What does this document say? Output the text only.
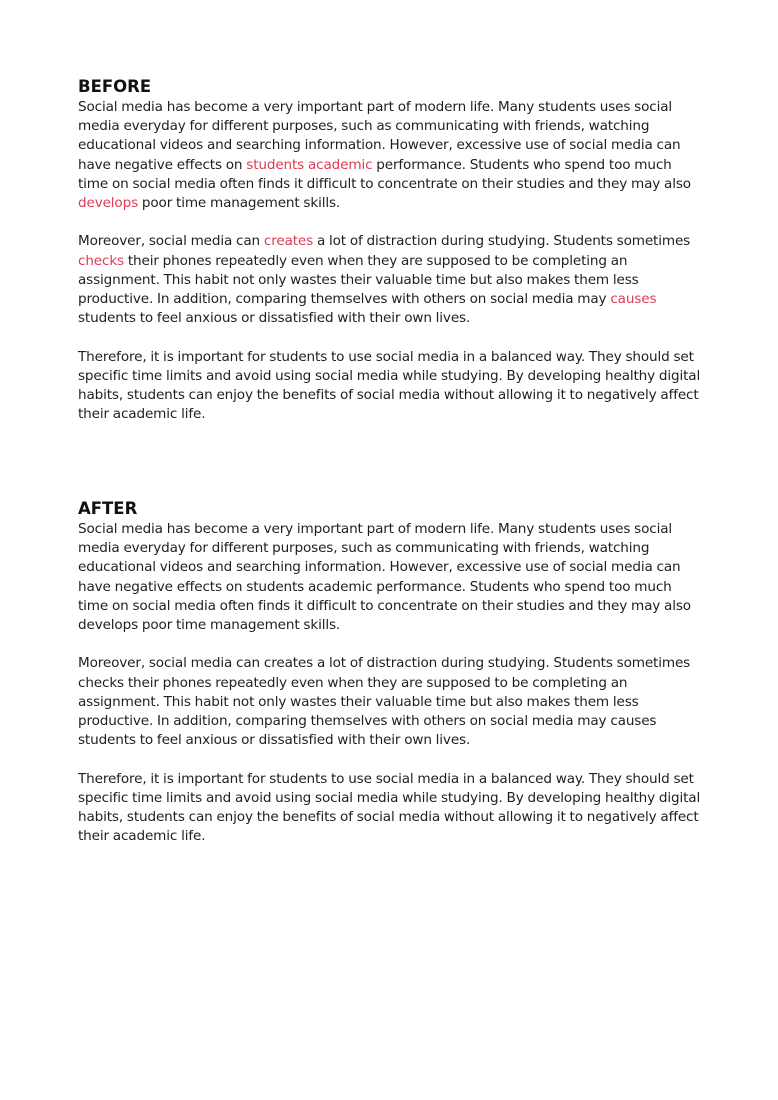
BEFORE

Social media has become a very important part of modern life. Many students uses social media everyday for different purposes, such as communicating with friends, watching educational videos and searching information. However, excessive use of social media can have negative effects on students academic performance. Students who spend too much time on social media often finds it difficult to concentrate on their studies and they may also develops poor time management skills.

Moreover, social media can creates a lot of distraction during studying. Students sometimes checks their phones repeatedly even when they are supposed to be completing an assignment. This habit not only wastes their valuable time but also makes them less productive. In addition, comparing themselves with others on social media may causes students to feel anxious or dissatisfied with their own lives.

Therefore, it is important for students to use social media in a balanced way. They should set specific time limits and avoid using social media while studying. By developing healthy digital habits, students can enjoy the benefits of social media without allowing it to negatively affect their academic life.

AFTER

Social media has become a very important part of modern life. Many students uses social media everyday for different purposes, such as communicating with friends, watching educational videos and searching information. However, excessive use of social media can have negative effects on students academic performance. Students who spend too much time on social media often finds it difficult to concentrate on their studies and they may also develops poor time management skills.

Moreover, social media can creates a lot of distraction during studying. Students sometimes checks their phones repeatedly even when they are supposed to be completing an assignment. This habit not only wastes their valuable time but also makes them less productive. In addition, comparing themselves with others on social media may causes students to feel anxious or dissatisfied with their own lives.

Therefore, it is important for students to use social media in a balanced way. They should set specific time limits and avoid using social media while studying. By developing healthy digital habits, students can enjoy the benefits of social media without allowing it to negatively affect their academic life.
